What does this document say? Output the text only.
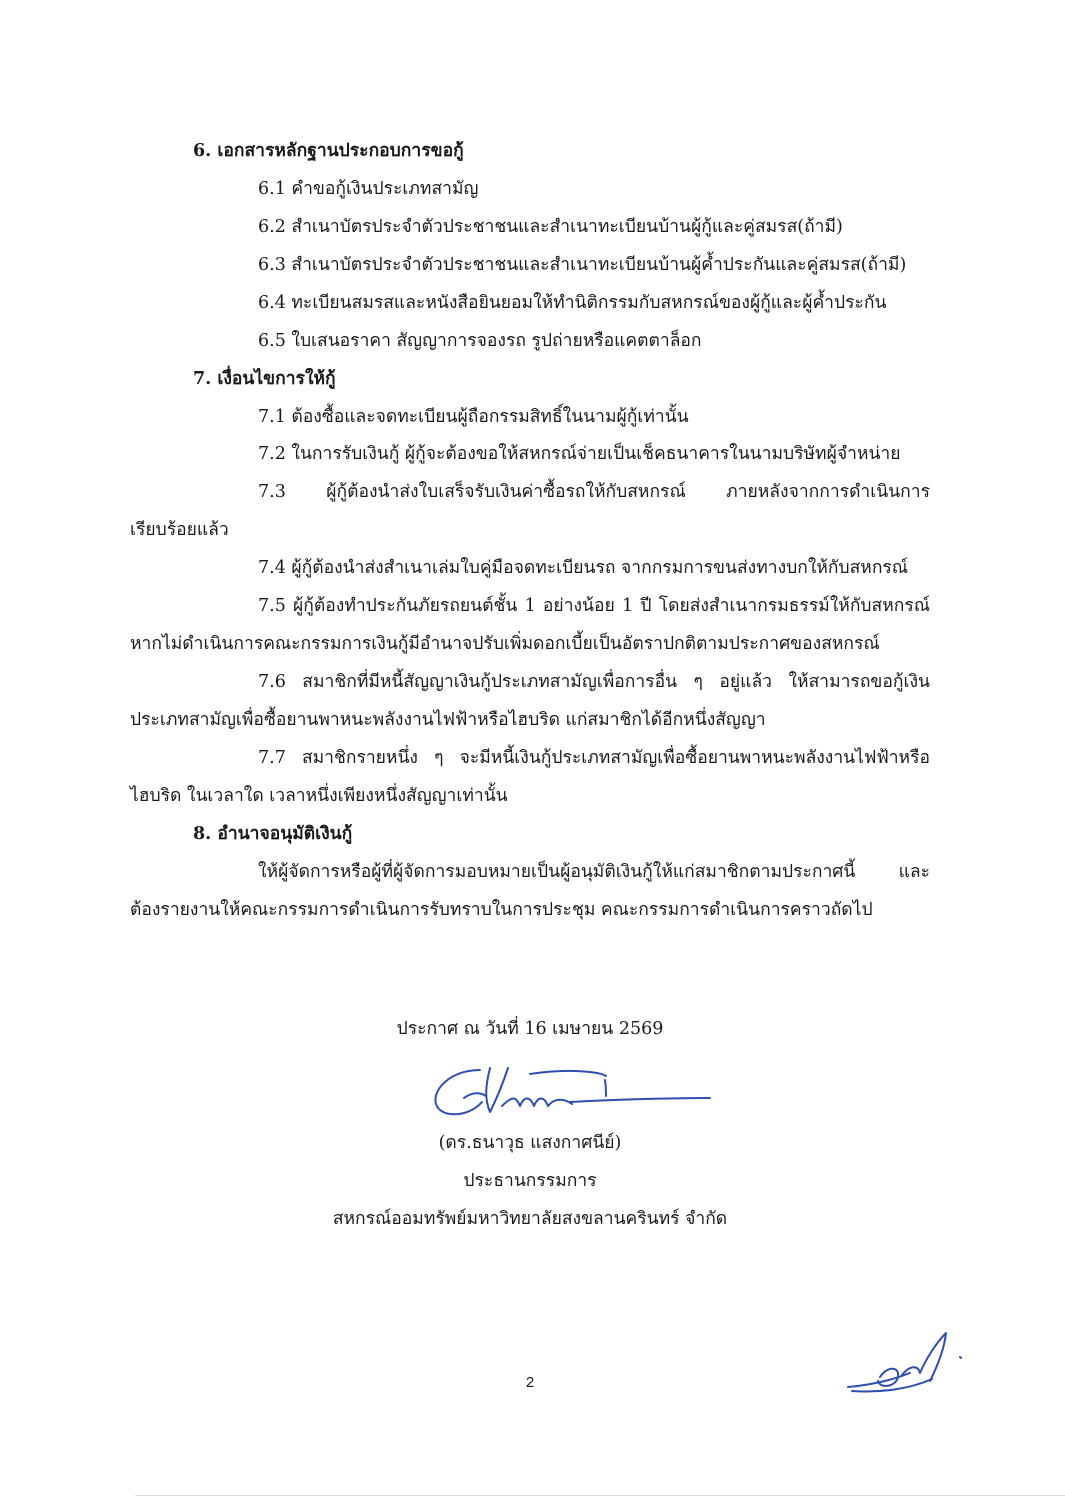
6. เอกสารหลักฐานประกอบการขอกู้
6.1 คำขอกู้เงินประเภทสามัญ
6.2 สำเนาบัตรประจำตัวประชาชนและสำเนาทะเบียนบ้านผู้กู้และคู่สมรส(ถ้ามี)
6.3 สำเนาบัตรประจำตัวประชาชนและสำเนาทะเบียนบ้านผู้ค้ำประกันและคู่สมรส(ถ้ามี)
6.4 ทะเบียนสมรสและหนังสือยินยอมให้ทำนิติกรรมกับสหกรณ์ของผู้กู้และผู้ค้ำประกัน
6.5 ใบเสนอราคา สัญญาการจองรถ รูปถ่ายหรือแคตตาล็อก
7. เงื่อนไขการให้กู้
7.1 ต้องซื้อและจดทะเบียนผู้ถือกรรมสิทธิ์ในนามผู้กู้เท่านั้น
7.2 ในการรับเงินกู้ ผู้กู้จะต้องขอให้สหกรณ์จ่ายเป็นเช็คธนาคารในนามบริษัทผู้จำหน่าย
7.3 ผู้กู้ต้องนำส่งใบเสร็จรับเงินค่าซื้อรถให้กับสหกรณ์ ภายหลังจากการดำเนินการ
เรียบร้อยแล้ว
7.4 ผู้กู้ต้องนำส่งสำเนาเล่มใบคู่มือจดทะเบียนรถ จากกรมการขนส่งทางบกให้กับสหกรณ์
7.5 ผู้กู้ต้องทำประกันภัยรถยนต์ชั้น 1 อย่างน้อย 1 ปี โดยส่งสำเนากรมธรรม์ให้กับสหกรณ์
หากไม่ดำเนินการคณะกรรมการเงินกู้มีอำนาจปรับเพิ่มดอกเบี้ยเป็นอัตราปกติตามประกาศของสหกรณ์
7.6 สมาชิกที่มีหนี้สัญญาเงินกู้ประเภทสามัญเพื่อการอื่น ๆ อยู่แล้ว ให้สามารถขอกู้เงิน
ประเภทสามัญเพื่อซื้อยานพาหนะพลังงานไฟฟ้าหรือไฮบริด แก่สมาชิกได้อีกหนึ่งสัญญา
7.7 สมาชิกรายหนึ่ง ๆ จะมีหนี้เงินกู้ประเภทสามัญเพื่อซื้อยานพาหนะพลังงานไฟฟ้าหรือ
ไฮบริด ในเวลาใด เวลาหนึ่งเพียงหนึ่งสัญญาเท่านั้น
8. อำนาจอนุมัติเงินกู้
ให้ผู้จัดการหรือผู้ที่ผู้จัดการมอบหมายเป็นผู้อนุมัติเงินกู้ให้แก่สมาชิกตามประกาศนี้ และ
ต้องรายงานให้คณะกรรมการดำเนินการรับทราบในการประชุม คณะกรรมการดำเนินการคราวถัดไป
ประกาศ ณ วันที่ 16 เมษายน 2569
(ดร.ธนาวุธ แสงกาศนีย์)
ประธานกรรมการ
สหกรณ์ออมทรัพย์มหาวิทยาลัยสงขลานครินทร์ จำกัด
2
